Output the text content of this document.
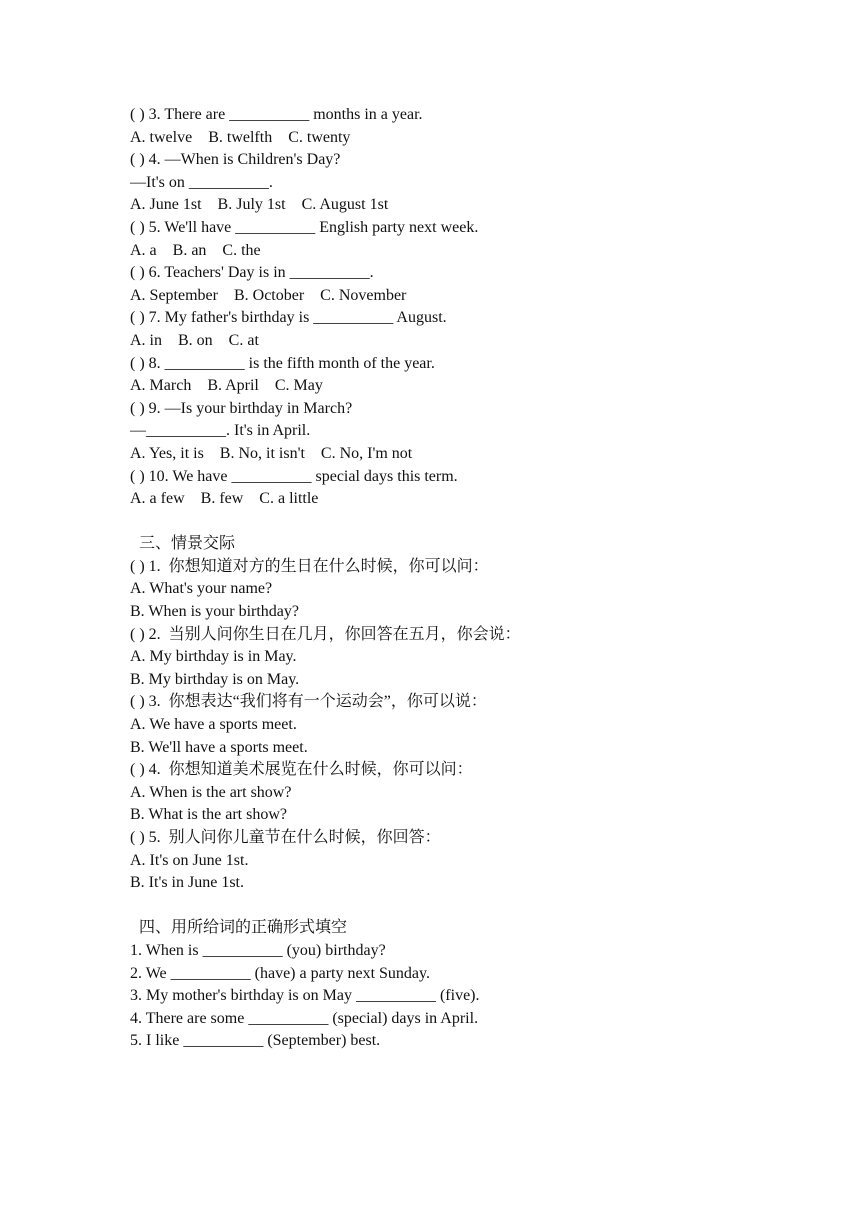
( ) 3. There are __________ months in a year.
A. twelve    B. twelfth    C. twenty
( ) 4. —When is Children's Day?
—It's on __________.
A. June 1st    B. July 1st    C. August 1st
( ) 5. We'll have __________ English party next week.
A. a    B. an    C. the
( ) 6. Teachers' Day is in __________.
A. September    B. October    C. November
( ) 7. My father's birthday is __________ August.
A. in    B. on    C. at
( ) 8. __________ is the fifth month of the year.
A. March    B. April    C. May
( ) 9. —Is your birthday in March?
—__________. It's in April.
A. Yes, it is    B. No, it isn't    C. No, I'm not
( ) 10. We have __________ special days this term.
A. a few    B. few    C. a little
三、情景交际
( ) 1.  你想知道对方的生日在什么时候，你可以问：
A. What's your name?
B. When is your birthday?
( ) 2.  当别人问你生日在几月，你回答在五月，你会说：
A. My birthday is in May.
B. My birthday is on May.
( ) 3.  你想表达“我们将有一个运动会”，你可以说：
A. We have a sports meet.
B. We'll have a sports meet.
( ) 4.  你想知道美术展览在什么时候，你可以问：
A. When is the art show?
B. What is the art show?
( ) 5.  别人问你儿童节在什么时候，你回答：
A. It's on June 1st.
B. It's in June 1st.
四、用所给词的正确形式填空
1. When is __________ (you) birthday?
2. We __________ (have) a party next Sunday.
3. My mother's birthday is on May __________ (five).
4. There are some __________ (special) days in April.
5. I like __________ (September) best.
